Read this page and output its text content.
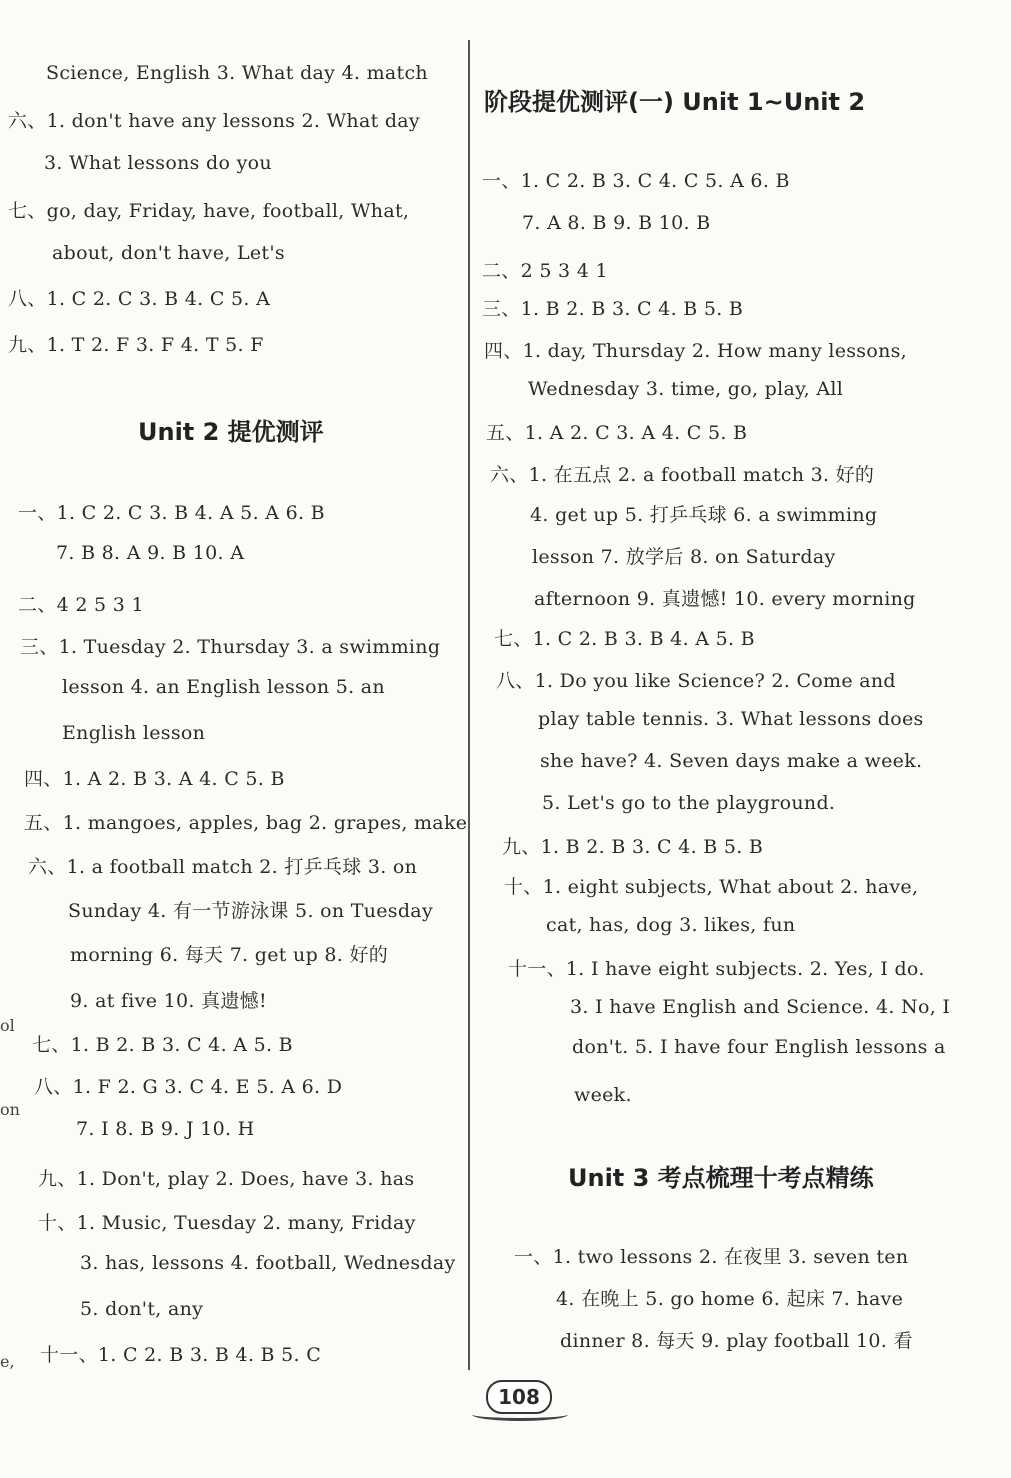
Science, English 3. What day 4. match
六、1. don't have any lessons 2. What day
3. What lessons do you
七、go, day, Friday, have, football, What,
about, don't have, Let's
八、1. C 2. C 3. B 4. C 5. A
九、1. T 2. F 3. F 4. T 5. F
Unit 2 提优测评
一、1. C 2. C 3. B 4. A 5. A 6. B
7. B 8. A 9. B 10. A
二、4 2 5 3 1
三、1. Tuesday 2. Thursday 3. a swimming
lesson 4. an English lesson 5. an
English lesson
四、1. A 2. B 3. A 4. C 5. B
五、1. mangoes, apples, bag 2. grapes, make
六、1. a football match 2. 打乒乓球 3. on
Sunday 4. 有一节游泳课 5. on Tuesday
morning 6. 每天 7. get up 8. 好的
9. at five 10. 真遗憾!
七、1. B 2. B 3. C 4. A 5. B
八、1. F 2. G 3. C 4. E 5. A 6. D
7. I 8. B 9. J 10. H
九、1. Don't, play 2. Does, have 3. has
十、1. Music, Tuesday 2. many, Friday
3. has, lessons 4. football, Wednesday
5. don't, any
十一、1. C 2. B 3. B 4. B 5. C
阶段提优测评(一) Unit 1~Unit 2
一、1. C 2. B 3. C 4. C 5. A 6. B
7. A 8. B 9. B 10. B
二、2 5 3 4 1
三、1. B 2. B 3. C 4. B 5. B
四、1. day, Thursday 2. How many lessons,
Wednesday 3. time, go, play, All
五、1. A 2. C 3. A 4. C 5. B
六、1. 在五点 2. a football match 3. 好的
4. get up 5. 打乒乓球 6. a swimming
lesson 7. 放学后 8. on Saturday
afternoon 9. 真遗憾! 10. every morning
七、1. C 2. B 3. B 4. A 5. B
八、1. Do you like Science? 2. Come and
play table tennis. 3. What lessons does
she have? 4. Seven days make a week.
5. Let's go to the playground.
九、1. B 2. B 3. C 4. B 5. B
十、1. eight subjects, What about 2. have,
cat, has, dog 3. likes, fun
十一、1. I have eight subjects. 2. Yes, I do.
3. I have English and Science. 4. No, I
don't. 5. I have four English lessons a
week.
Unit 3 考点梳理十考点精练
一、1. two lessons 2. 在夜里 3. seven ten
4. 在晚上 5. go home 6. 起床 7. have
dinner 8. 每天 9. play football 10. 看
ol
on
e,
108
